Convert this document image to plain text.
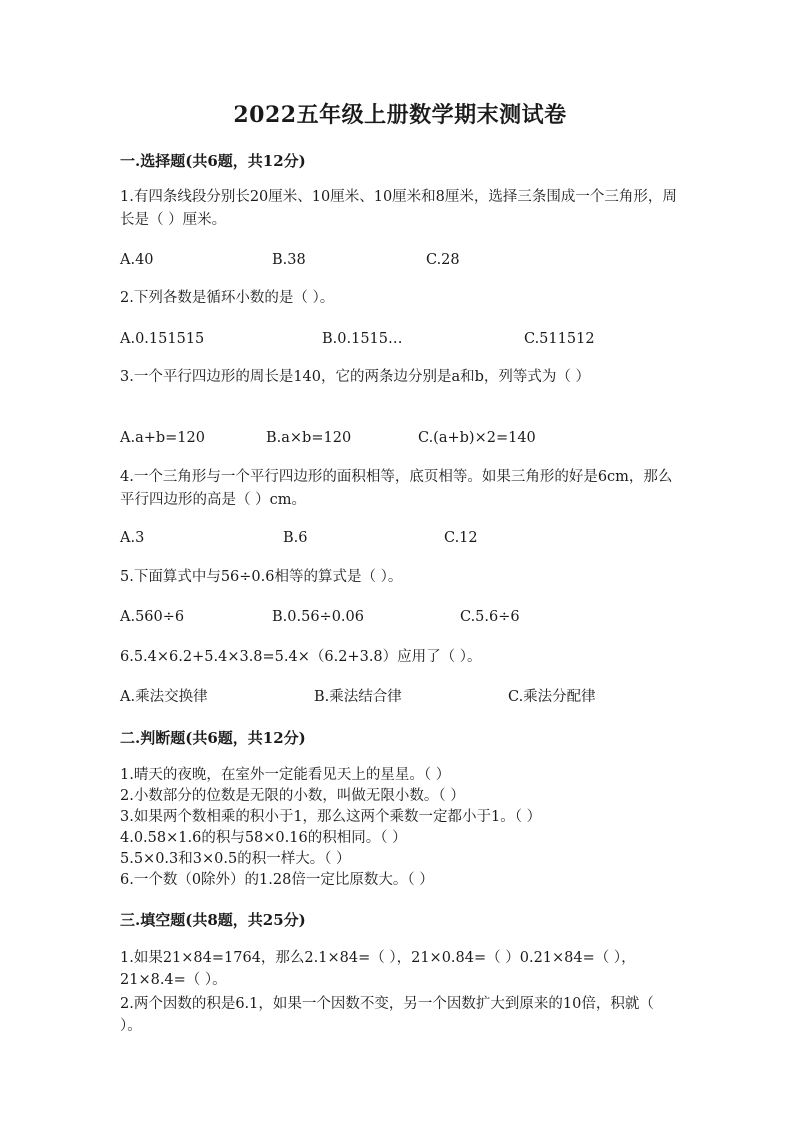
2022五年级上册数学期末测试卷
一.选择题(共6题，共12分)
1.有四条线段分别长20厘米、10厘米、10厘米和8厘米，选择三条围成一个三角形，周长是（ ）厘米。
A.40	B.38	C.28
2.下列各数是循环小数的是（ ）。
A.0.151515	B.0.1515…	C.511512
3.一个平行四边形的周长是140，它的两条边分别是a和b，列等式为（ ）
A.a+b=120	B.a×b=120	C.(a+b)×2=140
4.一个三角形与一个平行四边形的面积相等，底页相等。如果三角形的好是6cm，那么平行四边形的高是（ ）cm。
A.3	B.6	C.12
5.下面算式中与56÷0.6相等的算式是（ ）。
A.560÷6	B.0.56÷0.06	C.5.6÷6
6.5.4×6.2+5.4×3.8=5.4×（6.2+3.8）应用了（ ）。
A.乘法交换律	B.乘法结合律	C.乘法分配律
二.判断题(共6题，共12分)
1.晴天的夜晚，在室外一定能看见天上的星星。（ ）
2.小数部分的位数是无限的小数，叫做无限小数。（ ）
3.如果两个数相乘的积小于1，那么这两个乘数一定都小于1。（ ）
4.0.58×1.6的积与58×0.16的积相同。（ ）
5.5×0.3和3×0.5的积一样大。（ ）
6.一个数（0除外）的1.28倍一定比原数大。（ ）
三.填空题(共8题，共25分)
1.如果21×84=1764，那么2.1×84=（ ），21×0.84=（ ）0.21×84=（ ），21×8.4=（ ）。
2.两个因数的积是6.1，如果一个因数不变，另一个因数扩大到原来的10倍，积就（ ）。
